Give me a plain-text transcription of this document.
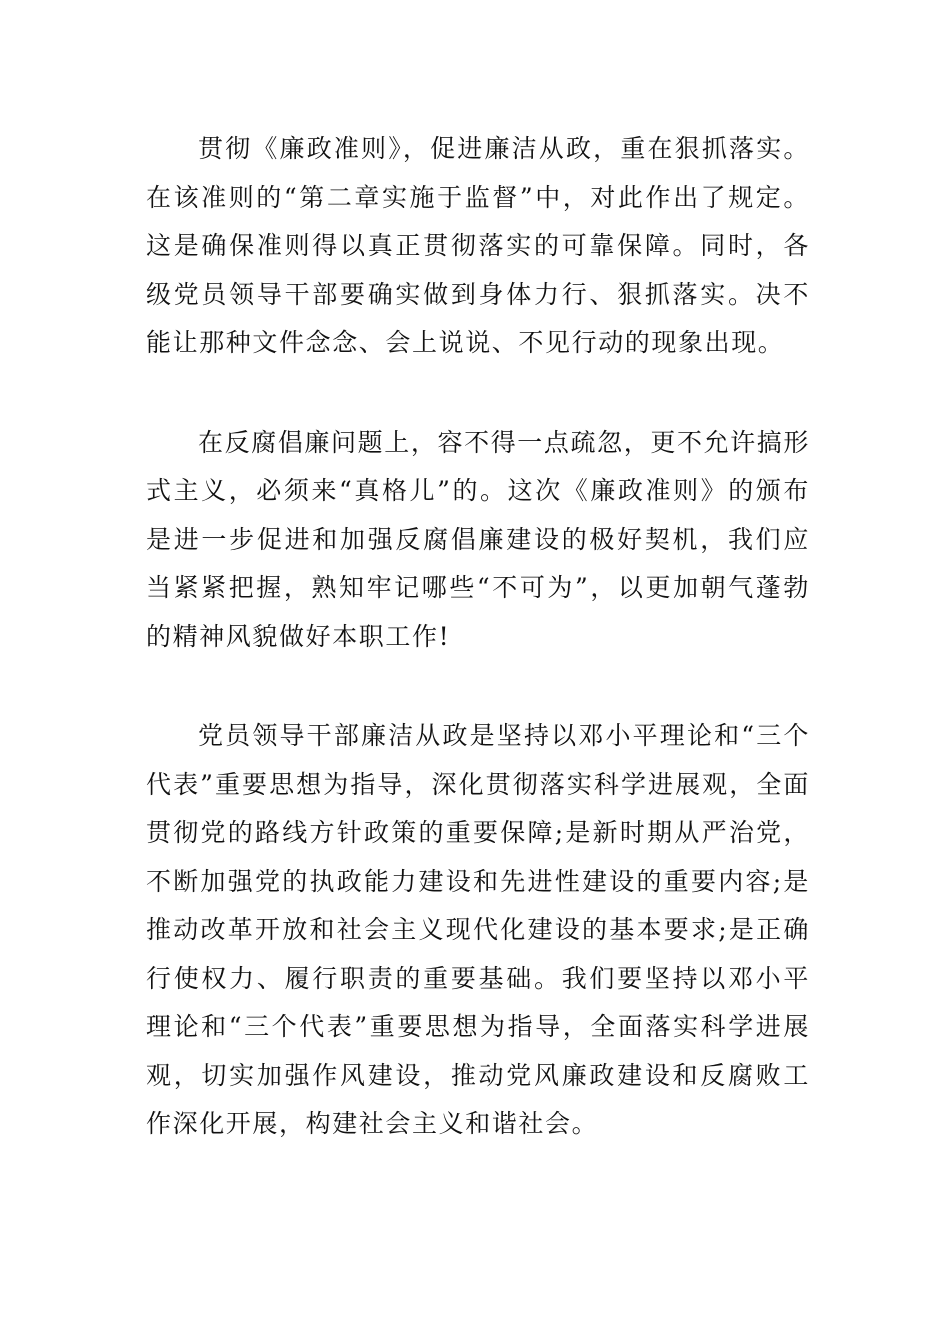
贯彻《廉政准则》，促进廉洁从政，重在狠抓落实。在该准则的“第二章实施于监督”中，对此作出了规定。这是确保准则得以真正贯彻落实的可靠保障。同时，各级党员领导干部要确实做到身体力行、狠抓落实。决不能让那种文件念念、会上说说、不见行动的现象出现。

在反腐倡廉问题上，容不得一点疏忽，更不允许搞形式主义，必须来“真格儿”的。这次《廉政准则》的颁布是进一步促进和加强反腐倡廉建设的极好契机，我们应当紧紧把握，熟知牢记哪些“不可为”，以更加朝气蓬勃的精神风貌做好本职工作!

党员领导干部廉洁从政是坚持以邓小平理论和“三个代表”重要思想为指导，深化贯彻落实科学进展观，全面贯彻党的路线方针政策的重要保障;是新时期从严治党，不断加强党的执政能力建设和先进性建设的重要内容;是推动改革开放和社会主义现代化建设的基本要求;是正确行使权力、履行职责的重要基础。我们要坚持以邓小平理论和“三个代表”重要思想为指导，全面落实科学进展观，切实加强作风建设，推动党风廉政建设和反腐败工作深化开展，构建社会主义和谐社会。
